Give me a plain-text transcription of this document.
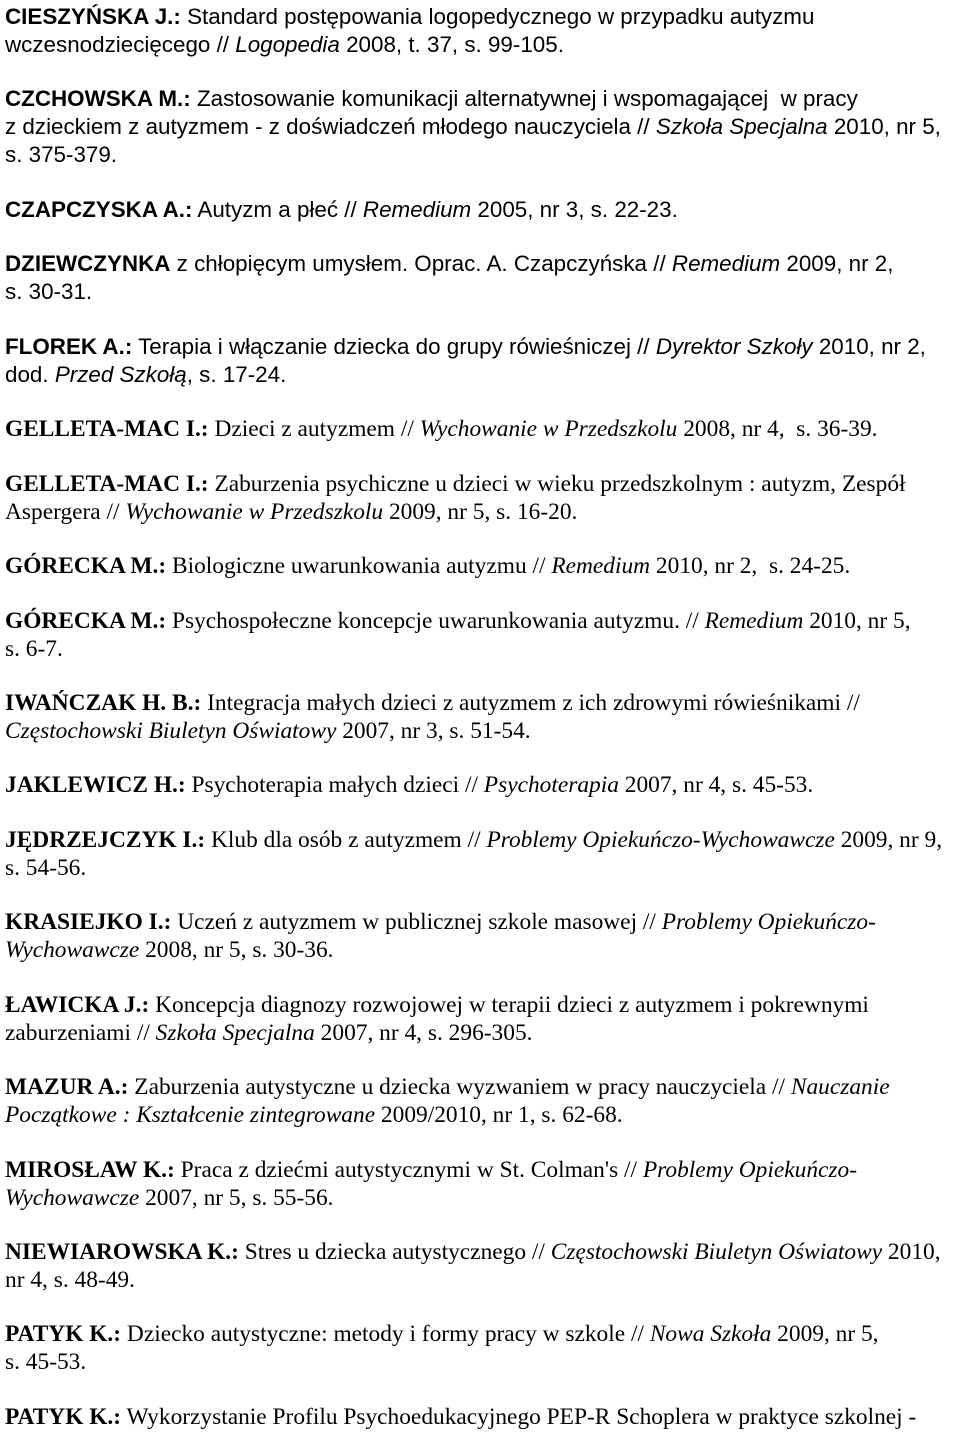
CIESZYŃSKA J.: Standard postępowania logopedycznego w przypadku autyzmu
wczesnodziecięcego // Logopedia 2008, t. 37, s. 99-105.
CZCHOWSKA M.: Zastosowanie komunikacji alternatywnej i wspomagającej  w pracy
z dzieckiem z autyzmem - z doświadczeń młodego nauczyciela // Szkoła Specjalna 2010, nr 5,
s. 375-379.
CZAPCZYSKA A.: Autyzm a płeć // Remedium 2005, nr 3, s. 22-23.
DZIEWCZYNKA z chłopięcym umysłem. Oprac. A. Czapczyńska // Remedium 2009, nr 2,
s. 30-31.
FLOREK A.: Terapia i włączanie dziecka do grupy rówieśniczej // Dyrektor Szkoły 2010, nr 2,
dod. Przed Szkołą, s. 17-24.
GELLETA-MAC I.: Dzieci z autyzmem // Wychowanie w Przedszkolu 2008, nr 4,  s. 36-39.
GELLETA-MAC I.: Zaburzenia psychiczne u dzieci w wieku przedszkolnym : autyzm, Zespół
Aspergera // Wychowanie w Przedszkolu 2009, nr 5, s. 16-20.
GÓRECKA M.: Biologiczne uwarunkowania autyzmu // Remedium 2010, nr 2,  s. 24-25.
GÓRECKA M.: Psychospołeczne koncepcje uwarunkowania autyzmu. // Remedium 2010, nr 5,
s. 6-7.
IWAŃCZAK H. B.: Integracja małych dzieci z autyzmem z ich zdrowymi rówieśnikami //
Częstochowski Biuletyn Oświatowy 2007, nr 3, s. 51-54.
JAKLEWICZ H.: Psychoterapia małych dzieci // Psychoterapia 2007, nr 4, s. 45-53.
JĘDRZEJCZYK I.: Klub dla osób z autyzmem // Problemy Opiekuńczo-Wychowawcze 2009, nr 9,
s. 54-56.
KRASIEJKO I.: Uczeń z autyzmem w publicznej szkole masowej // Problemy Opiekuńczo-
Wychowawcze 2008, nr 5, s. 30-36.
ŁAWICKA J.: Koncepcja diagnozy rozwojowej w terapii dzieci z autyzmem i pokrewnymi
zaburzeniami // Szkoła Specjalna 2007, nr 4, s. 296-305.
MAZUR A.: Zaburzenia autystyczne u dziecka wyzwaniem w pracy nauczyciela // Nauczanie
Początkowe : Kształcenie zintegrowane 2009/2010, nr 1, s. 62-68.
MIROSŁAW K.: Praca z dziećmi autystycznymi w St. Colman's // Problemy Opiekuńczo-
Wychowawcze 2007, nr 5, s. 55-56.
NIEWIAROWSKA K.: Stres u dziecka autystycznego // Częstochowski Biuletyn Oświatowy 2010,
nr 4, s. 48-49.
PATYK K.: Dziecko autystyczne: metody i formy pracy w szkole // Nowa Szkoła 2009, nr 5,
s. 45-53.
PATYK K.: Wykorzystanie Profilu Psychoedukacyjnego PEP-R Schoplera w praktyce szkolnej -
